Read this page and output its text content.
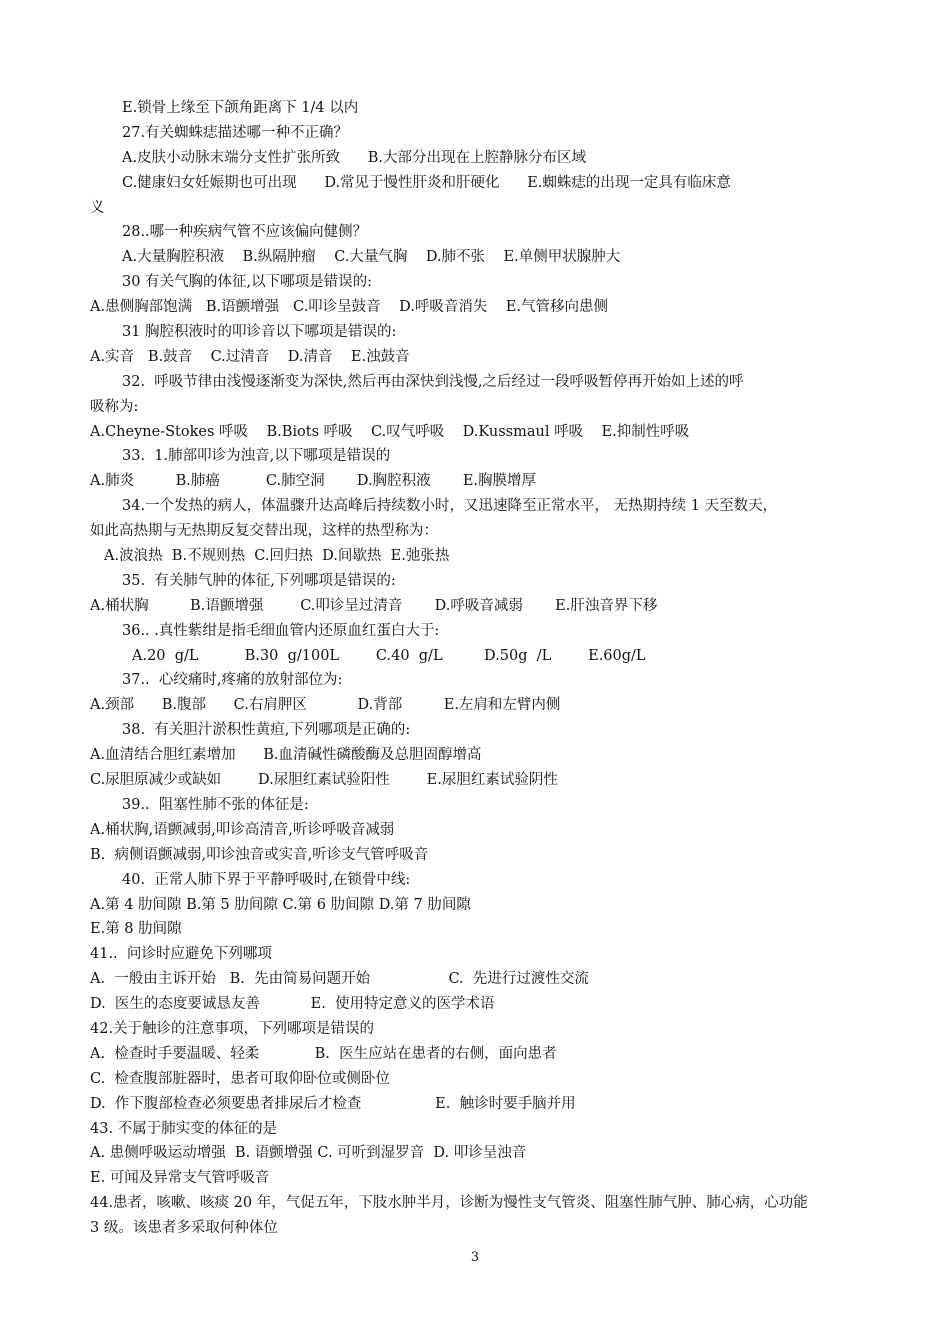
E.锁骨上缘至下颌角距离下 1/4 以内
27.有关蜘蛛痣描述哪一种不正确？
A.皮肤小动脉末端分支性扩张所致      B.大部分出现在上腔静脉分布区域
C.健康妇女妊娠期也可出现      D.常见于慢性肝炎和肝硬化      E.蜘蛛痣的出现一定具有临床意
义
28..哪一种疾病气管不应该偏向健侧？
A.大量胸腔积液    B.纵隔肿瘤    C.大量气胸    D.肺不张    E.单侧甲状腺肿大
30 有关气胸的体征,以下哪项是错误的:
A.患侧胸部饱满   B.语颤增强   C.叩诊呈鼓音    D.呼吸音消失    E.气管移向患侧
31 胸腔积液时的叩诊音以下哪项是错误的:
A.实音   B.鼓音    C.过清音    D.清音    E.浊鼓音
32.  呼吸节律由浅慢逐渐变为深快,然后再由深快到浅慢,之后经过一段呼吸暂停再开始如上述的呼
吸称为:
A.Cheyne-Stokes 呼吸    B.Biots 呼吸    C.叹气呼吸    D.Kussmaul 呼吸    E.抑制性呼吸
33.  1.肺部叩诊为浊音,以下哪项是错误的
A.肺炎         B.肺癌          C.肺空洞       D.胸腔积液       E.胸膜增厚
34.一个发热的病人，体温骤升达高峰后持续数小时，又迅速降至正常水平， 无热期持续 1 天至数天，
如此高热期与无热期反复交替出现，这样的热型称为：
A.波浪热  B.不规则热  C.回归热  D.间歇热  E.弛张热
35.  有关肺气肿的体征,下列哪项是错误的:
A.桶状胸         B.语颤增强        C.叩诊呈过清音       D.呼吸音减弱       E.肝浊音界下移
36.. .真性紫绀是指毛细血管内还原血红蛋白大于:
A.20  g/L          B.30  g/100L        C.40  g/L         D.50g  /L        E.60g/L
37..  心绞痛时,疼痛的放射部位为:
A.颈部      B.腹部      C.右肩胛区           D.背部         E.左肩和左臂内侧
38.  有关胆汁淤积性黄疸,下列哪项是正确的:
A.血清结合胆红素增加      B.血清碱性磷酸酶及总胆固醇增高
C.尿胆原减少或缺如        D.尿胆红素试验阳性        E.尿胆红素试验阴性
39..  阻塞性肺不张的体征是:
A.桶状胸,语颤减弱,叩诊高清音,听诊呼吸音减弱
B.  病侧语颤减弱,叩诊浊音或实音,听诊支气管呼吸音
40.  正常人肺下界于平静呼吸时,在锁骨中线:
A.第 4 肋间隙 B.第 5 肋间隙 C.第 6 肋间隙 D.第 7 肋间隙
E.第 8 肋间隙
41..  问诊时应避免下列哪项
A.  一般由主诉开始   B.  先由简易问题开始                 C.  先进行过渡性交流
D.  医生的态度要诚恳友善           E.  使用特定意义的医学术语
42.关于触诊的注意事项，下列哪项是错误的
A.  检查时手要温暖、轻柔            B.  医生应站在患者的右侧，面向患者
C.  检查腹部脏器时，患者可取仰卧位或侧卧位
D.  作下腹部检查必须要患者排尿后才检查                E.  触诊时要手脑并用
43. 不属于肺实变的体征的是
A. 患侧呼吸运动增强  B. 语颤增强 C. 可听到湿罗音  D. 叩诊呈浊音
E. 可闻及异常支气管呼吸音
44.患者，咳嗽、咳痰 20 年，气促五年，下肢水肿半月，诊断为慢性支气管炎、阻塞性肺气肿、肺心病，心功能
3 级。该患者多采取何种体位
3
